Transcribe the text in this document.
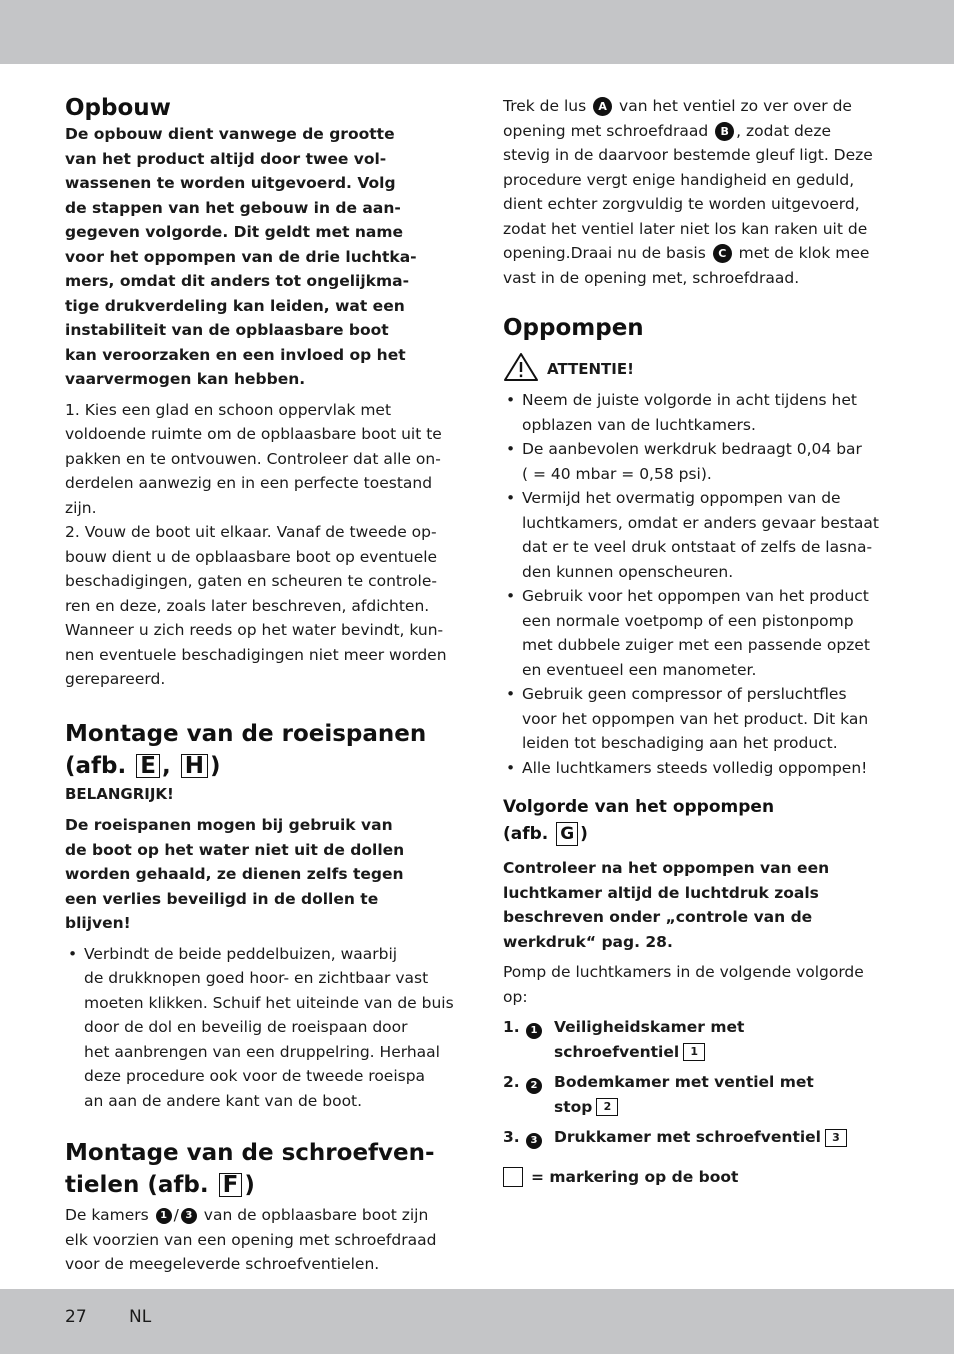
Opbouw

De opbouw dient vanwege de grootte
van het product altijd door twee vol-
wassenen te worden uitgevoerd. Volg
de stappen van het gebouw in de aan-
gegeven volgorde. Dit geldt met name
voor het oppompen van de drie luchtka-
mers, omdat dit anders tot ongelijkma-
tige drukverdeling kan leiden, wat een
instabiliteit van de opblaasbare boot
kan veroorzaken en een invloed op het
vaarvermogen kan hebben.

1. Kies een glad en schoon oppervlak met
voldoende ruimte om de opblaasbare boot uit te
pakken en te ontvouwen. Controleer dat alle on-
derdelen aanwezig en in een perfecte toestand
zijn.

2. Vouw de boot uit elkaar. Vanaf de tweede op-
bouw dient u de opblaasbare boot op eventuele
beschadigingen, gaten en scheuren te controle-
ren en deze, zoals later beschreven, afdichten.
Wanneer u zich reeds op het water bevindt, kun-
nen eventuele beschadigingen niet meer worden
gerepareerd.

Montage van de roeispanen
(afb. E , H )

BELANGRIJK!

De roeispanen mogen bij gebruik van
de boot op het water niet uit de dollen
worden gehaald, ze dienen zelfs tegen
een verlies beveiligd in de dollen te
blijven!

• Verbindt de beide peddelbuizen, waarbij
de drukknopen goed hoor- en zichtbaar vast
moeten klikken. Schuif het uiteinde van de buis
door de dol en beveilig de roeispaan door
het aanbrengen van een druppelring. Herhaal
deze procedure ook voor de tweede roeispa
an aan de andere kant van de boot.
Montage van de schroefven-
tielen (afb. F )

De kamers 1 / 3 van de opblaasbare boot zijn

elk voorzien van een opening met schroefdraad
voor de meegeleverde schroefventielen.

Trek de lus A van het ventiel zo ver over de
opening met schroefdraad B , zodat deze
stevig in de daarvoor bestemde gleuf ligt. Deze
procedure vergt enige handigheid en geduld,
dient echter zorgvuldig te worden uitgevoerd,
zodat het ventiel later niet los kan raken uit de
opening.Draai nu de basis C met de klok mee
vast in de opening met, schroefdraad.

Oppompen
ATTENTIE!
• Neem de juiste volgorde in acht tijdens het
opblazen van de luchtkamers.
• De aanbevolen werkdruk bedraagt 0,04 bar
( = 40 mbar = 0,58 psi).
• Vermijd het overmatig oppompen van de
luchtkamers, omdat er anders gevaar bestaat
dat er te veel druk ontstaat of zelfs de lasna-
den kunnen openscheuren.
• Gebruik voor het oppompen van het product
een normale voetpomp of een pistonpomp
met dubbele zuiger met een passende opzet
en eventueel een manometer.
• Gebruik geen compressor of persluchtfles
voor het oppompen van het product. Dit kan
leiden tot beschadiging aan het product.
• Alle luchtkamers steeds volledig oppompen!
Volgorde van het oppompen
(afb. G )

Controleer na het oppompen van een
luchtkamer altijd de luchtdruk zoals
beschreven onder „controle van de
werkdruk“ pag. 28.

Pomp de luchtkamers in de volgende volgorde op:

1.	1	Veiligheidskamer met
schroefventiel 1
2.	2	Bodemkamer met ventiel met
stop 2
3.	3	Drukkamer met schroefventiel 3
= markering op de boot
27 NL
